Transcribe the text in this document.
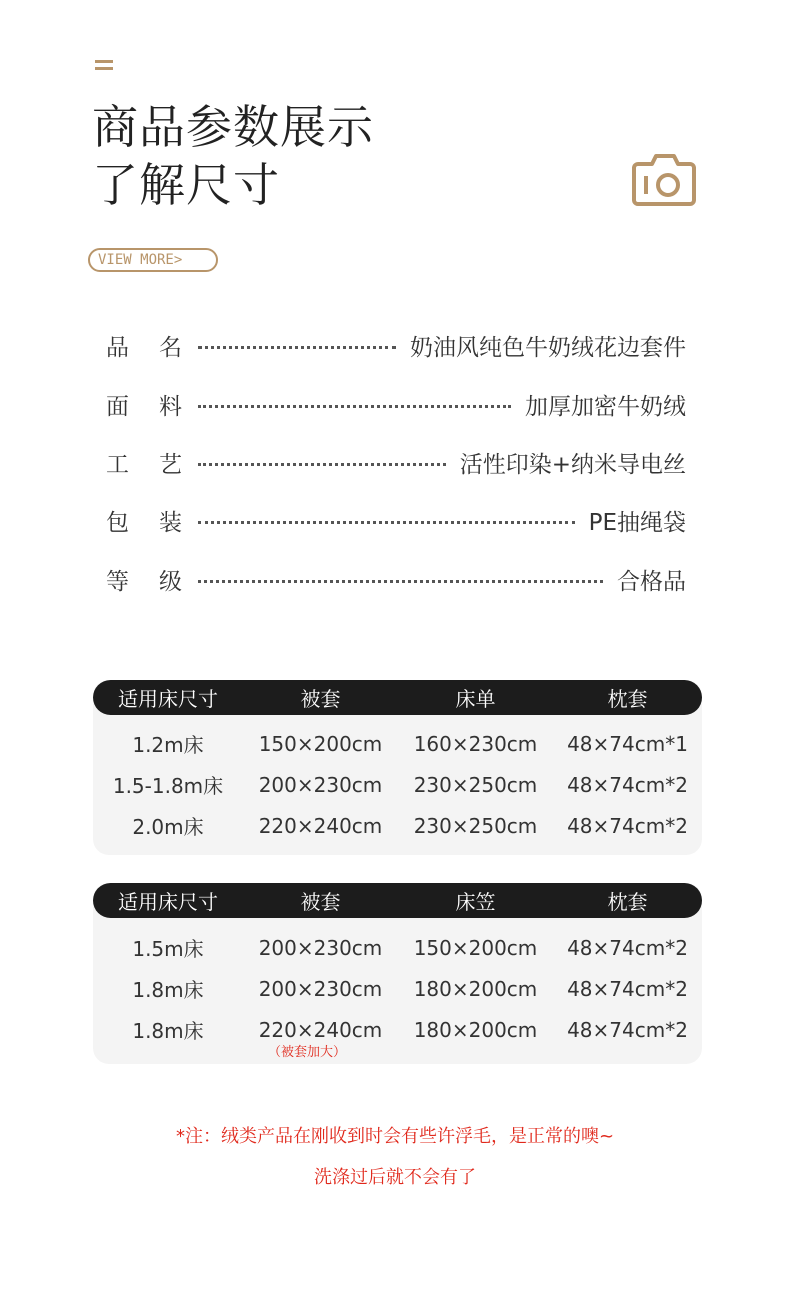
商品参数展示
了解尺寸
VIEW MORE>
品 名	奶油风纯色牛奶绒花边套件
面 料	加厚加密牛奶绒
工 艺	活性印染+纳米导电丝
包 装	PE抽绳袋
等 级	合格品
适用床尺寸	被套	床单	枕套
1.2m床	150×200cm	160×230cm	48×74cm*1
1.5-1.8m床	200×230cm	230×250cm	48×74cm*2
2.0m床	220×240cm	230×250cm	48×74cm*2
适用床尺寸	被套	床笠	枕套
1.5m床	200×230cm	150×200cm	48×74cm*2
1.8m床	200×230cm	180×200cm	48×74cm*2
1.8m床	220×240cm	180×200cm	48×74cm*2
（被套加大）
*注：绒类产品在刚收到时会有些许浮毛，是正常的噢~
洗涤过后就不会有了
